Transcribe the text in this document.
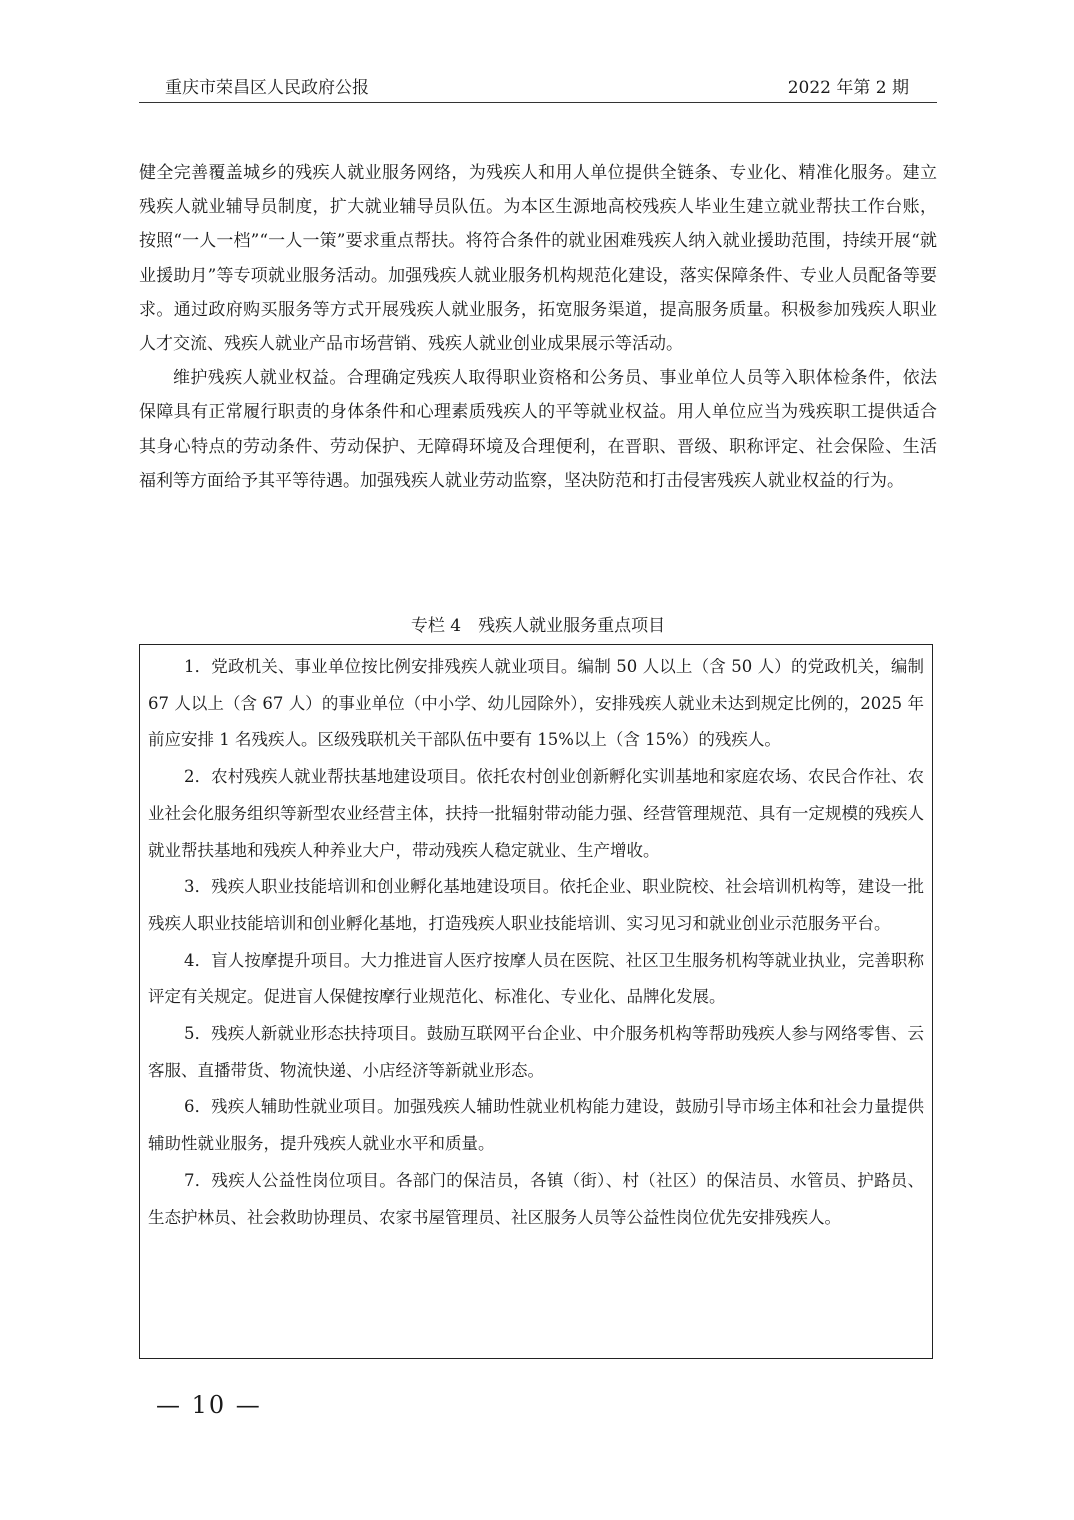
重庆市荣昌区人民政府公报	2022 年第 2 期

健全完善覆盖城乡的残疾人就业服务网络，为残疾人和用人单位提供全链条、专业化、精准化服务。建立残疾人就业辅导员制度，扩大就业辅导员队伍。为本区生源地高校残疾人毕业生建立就业帮扶工作台账，按照“一人一档”“一人一策”要求重点帮扶。将符合条件的就业困难残疾人纳入就业援助范围，持续开展“就业援助月”等专项就业服务活动。加强残疾人就业服务机构规范化建设，落实保障条件、专业人员配备等要求。通过政府购买服务等方式开展残疾人就业服务，拓宽服务渠道，提高服务质量。积极参加残疾人职业人才交流、残疾人就业产品市场营销、残疾人就业创业成果展示等活动。

维护残疾人就业权益。合理确定残疾人取得职业资格和公务员、事业单位人员等入职体检条件，依法保障具有正常履行职责的身体条件和心理素质残疾人的平等就业权益。用人单位应当为残疾职工提供适合其身心特点的劳动条件、劳动保护、无障碍环境及合理便利，在晋职、晋级、职称评定、社会保险、生活福利等方面给予其平等待遇。加强残疾人就业劳动监察，坚决防范和打击侵害残疾人就业权益的行为。

专栏 4　残疾人就业服务重点项目

1．党政机关、事业单位按比例安排残疾人就业项目。编制 50 人以上（含 50 人）的党政机关，编制 67 人以上（含 67 人）的事业单位（中小学、幼儿园除外），安排残疾人就业未达到规定比例的，2025 年前应安排 1 名残疾人。区级残联机关干部队伍中要有 15%以上（含 15%）的残疾人。

2．农村残疾人就业帮扶基地建设项目。依托农村创业创新孵化实训基地和家庭农场、农民合作社、农业社会化服务组织等新型农业经营主体，扶持一批辐射带动能力强、经营管理规范、具有一定规模的残疾人就业帮扶基地和残疾人种养业大户，带动残疾人稳定就业、生产增收。

3．残疾人职业技能培训和创业孵化基地建设项目。依托企业、职业院校、社会培训机构等，建设一批残疾人职业技能培训和创业孵化基地，打造残疾人职业技能培训、实习见习和就业创业示范服务平台。

4．盲人按摩提升项目。大力推进盲人医疗按摩人员在医院、社区卫生服务机构等就业执业，完善职称评定有关规定。促进盲人保健按摩行业规范化、标准化、专业化、品牌化发展。

5．残疾人新就业形态扶持项目。鼓励互联网平台企业、中介服务机构等帮助残疾人参与网络零售、云客服、直播带货、物流快递、小店经济等新就业形态。

6．残疾人辅助性就业项目。加强残疾人辅助性就业机构能力建设，鼓励引导市场主体和社会力量提供辅助性就业服务，提升残疾人就业水平和质量。

7．残疾人公益性岗位项目。各部门的保洁员，各镇（街）、村（社区）的保洁员、水管员、护路员、生态护林员、社会救助协理员、农家书屋管理员、社区服务人员等公益性岗位优先安排残疾人。

— 10 —
